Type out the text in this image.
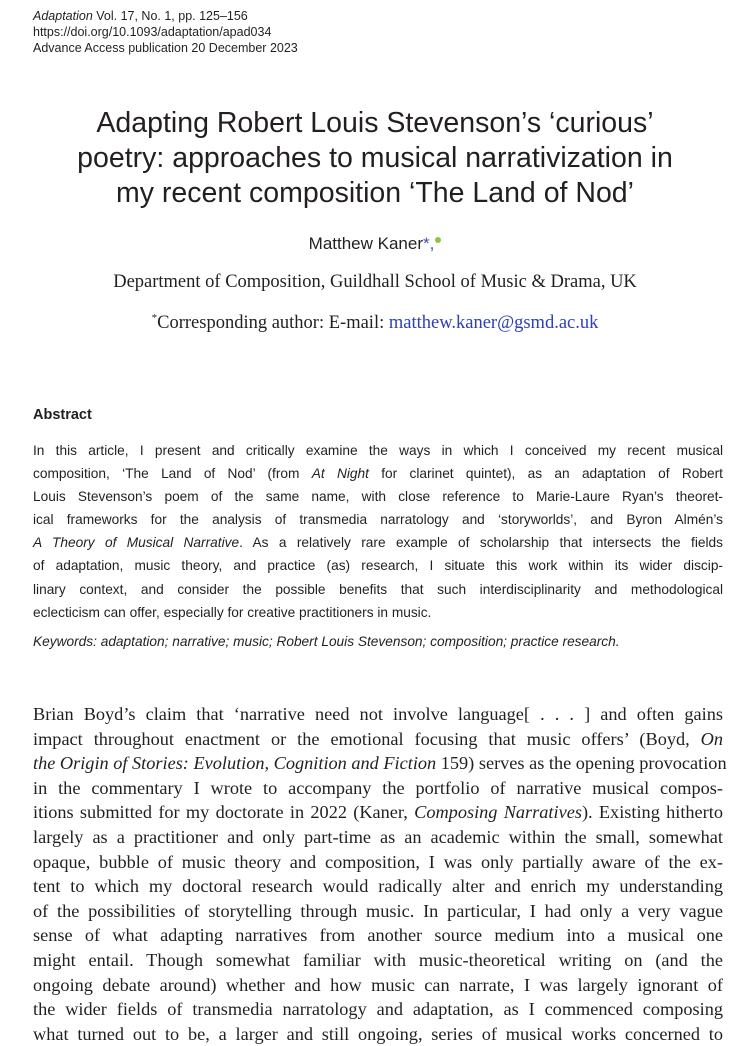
Adaptation Vol. 17, No. 1, pp. 125–156
https://doi.org/10.1093/adaptation/apad034
Advance Access publication 20 December 2023
Adapting Robert Louis Stevenson’s ‘curious’
poetry: approaches to musical narrativization in
my recent composition ‘The Land of Nod’
Matthew Kaner*,
Department of Composition, Guildhall School of Music & Drama, UK
*Corresponding author: E-mail: matthew.kaner@gsmd.ac.uk
Abstract
In this article, I present and critically examine the ways in which I conceived my recent musical
composition, ‘The Land of Nod’ (from At Night for clarinet quintet), as an adaptation of Robert
Louis Stevenson’s poem of the same name, with close reference to Marie-Laure Ryan’s theoret-
ical frameworks for the analysis of transmedia narratology and ‘storyworlds’, and Byron Almén’s
A Theory of Musical Narrative. As a relatively rare example of scholarship that intersects the fields
of adaptation, music theory, and practice (as) research, I situate this work within its wider discip-
linary context, and consider the possible benefits that such interdisciplinarity and methodological
eclecticism can offer, especially for creative practitioners in music.
Keywords: adaptation; narrative; music; Robert Louis Stevenson; composition; practice research.
Brian Boyd’s claim that ‘narrative need not involve language[ . . . ] and often gains
impact throughout enactment or the emotional focusing that music offers’ (Boyd, On
the Origin of Stories: Evolution, Cognition and Fiction 159) serves as the opening provocation
in the commentary I wrote to accompany the portfolio of narrative musical compos-
itions submitted for my doctorate in 2022 (Kaner, Composing Narratives). Existing hitherto
largely as a practitioner and only part-time as an academic within the small, somewhat
opaque, bubble of music theory and composition, I was only partially aware of the ex-
tent to which my doctoral research would radically alter and enrich my understanding
of the possibilities of storytelling through music. In particular, I had only a very vague
sense of what adapting narratives from another source medium into a musical one
might entail. Though somewhat familiar with music-theoretical writing on (and the
ongoing debate around) whether and how music can narrate, I was largely ignorant of
the wider fields of transmedia narratology and adaptation, as I commenced composing
what turned out to be, a larger and still ongoing, series of musical works concerned to
